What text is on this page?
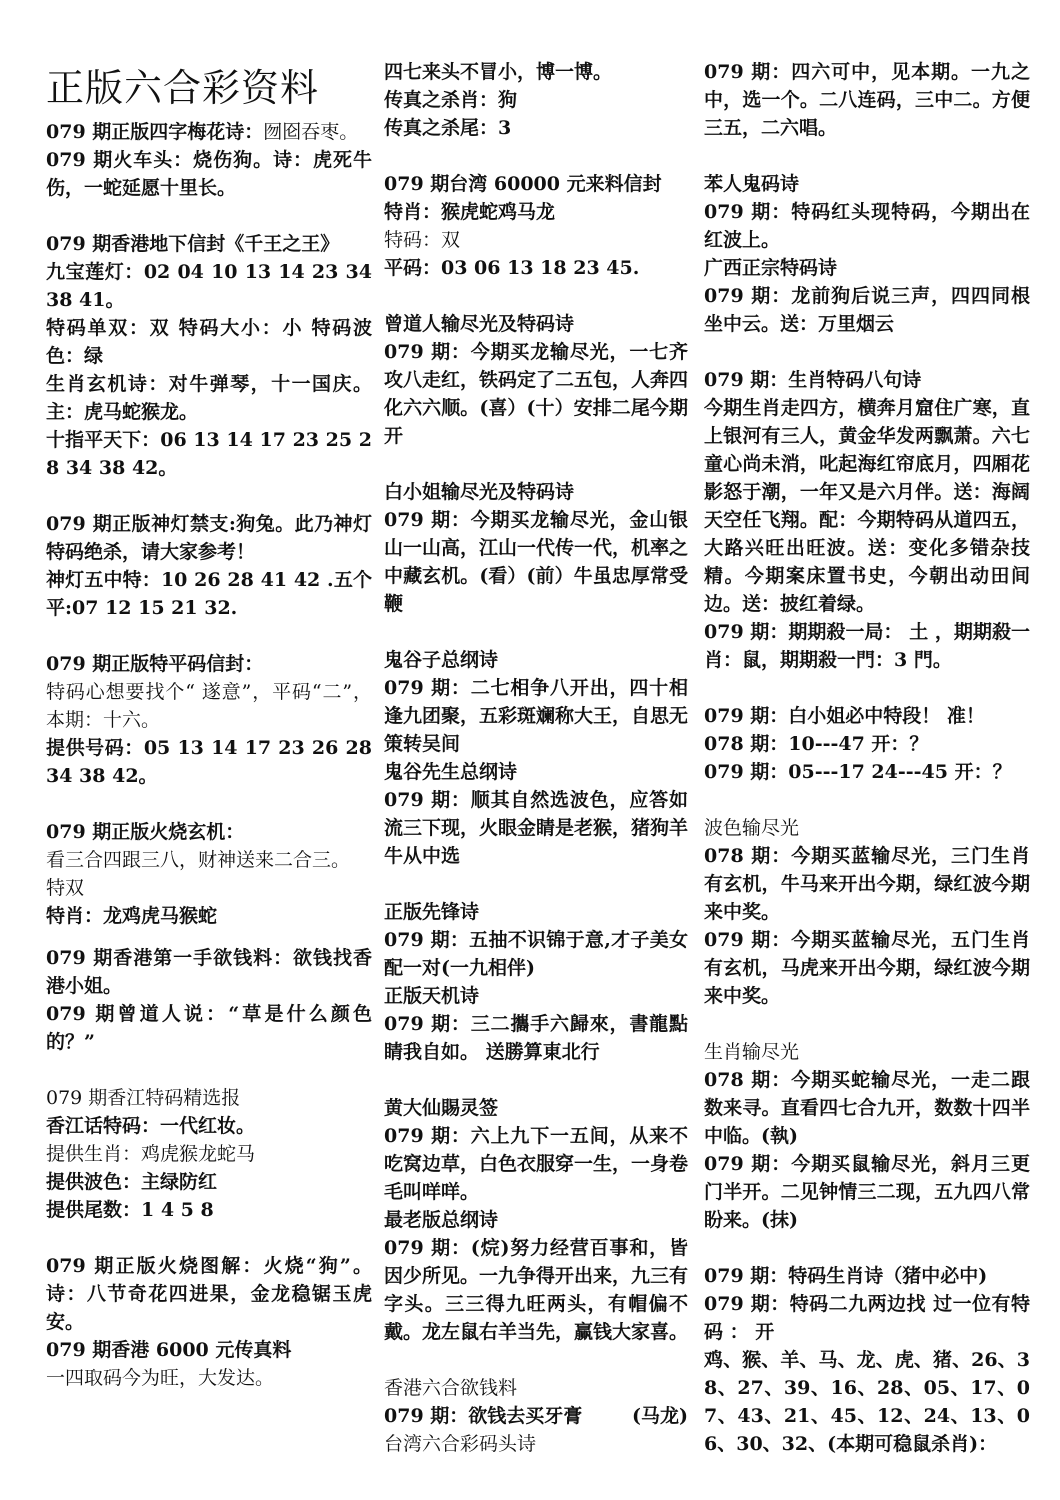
正版六合彩资料
079 期正版四字梅花诗：囫囵吞枣。
079 期火车头：烧伤狗。诗：虎死牛伤，一蛇延愿十里长。
079 期香港地下信封《千王之王》
九宝莲灯：02 04 10 13 14 23 34 38 41。
特码单双：双 特码大小：小 特码波色：绿
生肖玄机诗：对牛弹琴，十一国庆。主：虎马蛇猴龙。
十指平天下：06 13 14 17 23 25 28 34 38 42。
079 期正版神灯禁支:狗兔。此乃神灯特码绝杀，请大家参考！
神灯五中特：10 26 28 41 42 .五个平:07 12 15 21 32.
079 期正版特平码信封：
特码心想要找个“ 遂意”，平码“二”，本期：十六。
提供号码：05 13 14 17 23 26 28 34 38 42。
079 期正版火烧玄机：
看三合四跟三八，财神送来二合三。
特双
特肖：龙鸡虎马猴蛇
079 期香港第一手欲钱料：欲钱找香港小姐。
079 期曾道人说：“草是什么颜色的？”
079 期香江特码精选报
香江话特码：一代红妆。
提供生肖：鸡虎猴龙蛇马
提供波色：主绿防红
提供尾数：1 4 5 8
079 期正版火烧图解：火烧“狗”。诗：八节奇花四进果，金龙稳锯玉虎安。
079 期香港 6000 元传真料
一四取码今为旺，大发达。
四七来头不冒小，博一博。
传真之杀肖：狗
传真之杀尾：3
079 期台湾 60000 元来料信封
特肖：猴虎蛇鸡马龙
特码：双
平码：03 06 13 18 23 45.
曾道人输尽光及特码诗
079 期：今期买龙输尽光，一七齐攻八走红，铁码定了二五包，人奔四化六六顺。(喜）(十）安排二尾今期开
白小姐输尽光及特码诗
079 期：今期买龙输尽光，金山银山一山高，江山一代传一代，机率之中藏玄机。(看）(前）牛虽忠厚常受鞭
鬼谷子总纲诗
079 期：二七相争八开出，四十相逢九团聚，五彩斑斓称大王，自思无策转吴间
鬼谷先生总纲诗
079 期：顺其自然选波色，应答如流三下现，火眼金睛是老猴，猪狗羊牛从中选
正版先锋诗
079 期：五抽不识锦于意,才子美女配一对(一九相伴)
正版天机诗
079 期：三二攜手六歸來，書龍點睛我自如。 送勝算東北行
黄大仙賜灵签
079 期：六上九下一五间，从来不吃窝边草，白色衣服穿一生，一身卷毛叫咩咩。
最老版总纲诗
079 期：(烷)努力经营百事和，皆因少所见。一九争得开出来，九三有字头。三三得九旺两头，有帽偏不戴。龙左鼠右羊当先，赢钱大家喜。
香港六合欲钱料
079 期：欲钱去买牙膏	(马龙)
台湾六合彩码头诗
079 期：四六可中，见本期。一九之中，选一个。二八连码，三中二。方便三五，二六唱。
苯人鬼码诗
079 期：特码红头现特码，今期出在红波上。
广西正宗特码诗
079 期：龙前狗后说三声，四四同根坐中云。送：万里烟云
079 期：生肖特码八句诗
今期生肖走四方，横奔月窟住广寒，直上银河有三人，黄金华发两飘萧。六七童心尚未消，叱起海红帘底月，四厢花影怒于潮，一年又是六月伴。送：海阔天空任飞翔。配：今期特码从道四五，大路兴旺出旺波。送：变化多错杂技精。今期案床置书史，今朝出动田间边。送：披红着绿。
079 期：期期殺一局： 土 ，期期殺一肖：鼠，期期殺一門：3 門。
079 期：白小姐必中特段！ 准！
078 期：10---47 开：？
079 期：05---17 24---45 开：？
波色输尽光
078 期：今期买蓝输尽光，三门生肖有玄机，牛马来开出今期，绿红波今期来中奖。
079 期：今期买蓝输尽光，五门生肖有玄机，马虎来开出今期，绿红波今期来中奖。
生肖输尽光
078 期：今期买蛇输尽光，一走二跟数来寻。直看四七合九开，数数十四半中临。(執)
079 期：今期买鼠输尽光，斜月三更门半开。二见钟情三二现，五九四八常盼来。(抹)
079 期：特码生肖诗（猪中必中)
079 期：特码二九两边找 过一位有特码 ： 开
鸡、猴、羊、马、龙、虎、猪、26、38、27、39、16、28、05、17、07、43、21、45、12、24、13、06、30、32、(本期可稳鼠杀肖)：
